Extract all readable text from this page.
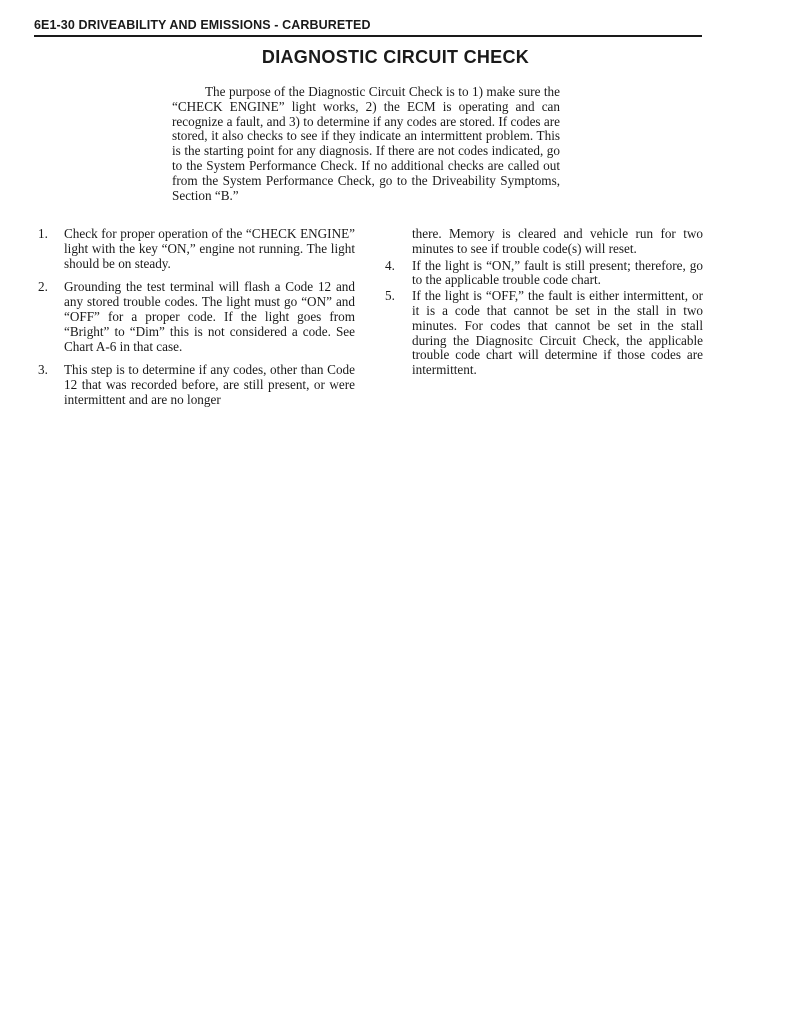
6E1-30 DRIVEABILITY AND EMISSIONS - CARBURETED
DIAGNOSTIC CIRCUIT CHECK

The purpose of the Diagnostic Circuit Check is to 1) make sure the “CHECK ENGINE” light works, 2) the ECM is operating and can recognize a fault, and 3) to determine if any codes are stored. If codes are stored, it also checks to see if they indicate an intermittent problem. This is the starting point for any diagnosis. If there are not codes indicated, go to the System Performance Check. If no additional checks are called out from the System Performance Check, go to the Driveability Symptoms, Section “B.”

1. Check for proper operation of the “CHECK ENGINE” light with the key “ON,” engine not running. The light should be on steady.
2. Grounding the test terminal will flash a Code 12 and any stored trouble codes. The light must go “ON” and “OFF” for a proper code. If the light goes from “Bright” to “Dim” this is not considered a code. See Chart A-6 in that case.
3. This step is to determine if any codes, other than Code 12 that was recorded before, are still present, or were intermittent and are no longer
there. Memory is cleared and vehicle run for two minutes to see if trouble code(s) will reset.
4. If the light is “ON,” fault is still present; therefore, go to the applicable trouble code chart.
5. If the light is “OFF,” the fault is either intermittent, or it is a code that cannot be set in the stall in two minutes. For codes that cannot be set in the stall during the Diagnositc Circuit Check, the applicable trouble code chart will determine if those codes are intermittent.
